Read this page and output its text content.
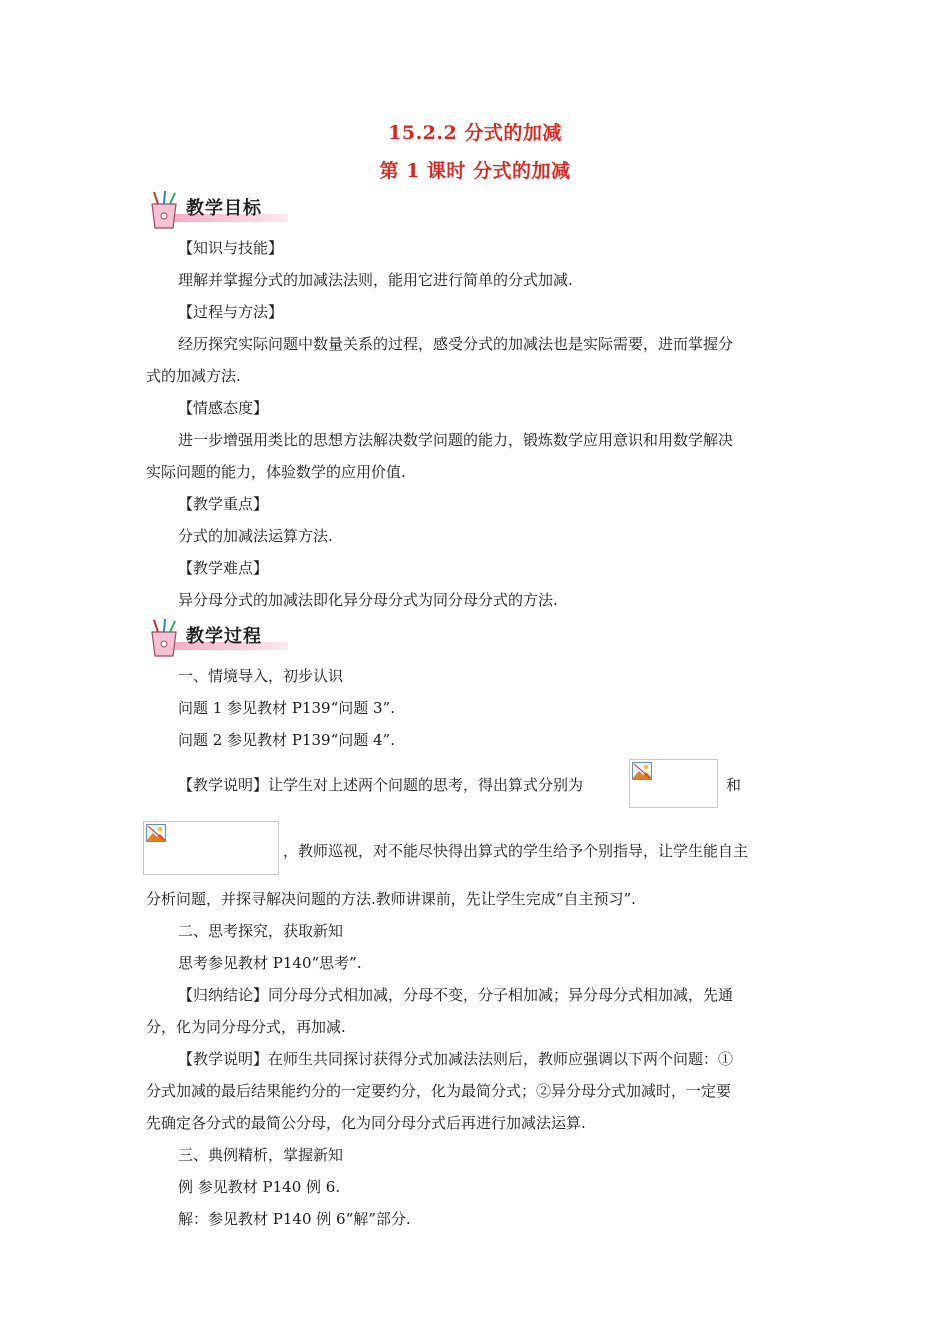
15.2.2 分式的加减
第 1 课时 分式的加减
教学目标
【知识与技能】
理解并掌握分式的加减法法则，能用它进行简单的分式加减.
【过程与方法】
经历探究实际问题中数量关系的过程，感受分式的加减法也是实际需要，进而掌握分
式的加减方法.
【情感态度】
进一步增强用类比的思想方法解决数学问题的能力，锻炼数学应用意识和用数学解决
实际问题的能力，体验数学的应用价值.
【教学重点】
分式的加减法运算方法.
【教学难点】
异分母分式的加减法即化异分母分式为同分母分式的方法.
教学过程
一、情境导入，初步认识
问题 1 参见教材 P139“问题 3”.
问题 2 参见教材 P139“问题 4”.
【教学说明】让学生对上述两个问题的思考，得出算式分别为	和
，教师巡视，对不能尽快得出算式的学生给予个别指导，让学生能自主
分析问题，并探寻解决问题的方法.教师讲课前，先让学生完成“自主预习”.
二、思考探究，获取新知
思考参见教材 P140“思考”.
【归纳结论】同分母分式相加减，分母不变，分子相加减；异分母分式相加减，先通
分，化为同分母分式，再加减.
【教学说明】在师生共同探讨获得分式加减法法则后，教师应强调以下两个问题：①
分式加减的最后结果能约分的一定要约分，化为最简分式；②异分母分式加减时，一定要
先确定各分式的最简公分母，化为同分母分式后再进行加减法运算.
三、典例精析，掌握新知
例 参见教材 P140 例 6.
解：参见教材 P140 例 6“解”部分.
